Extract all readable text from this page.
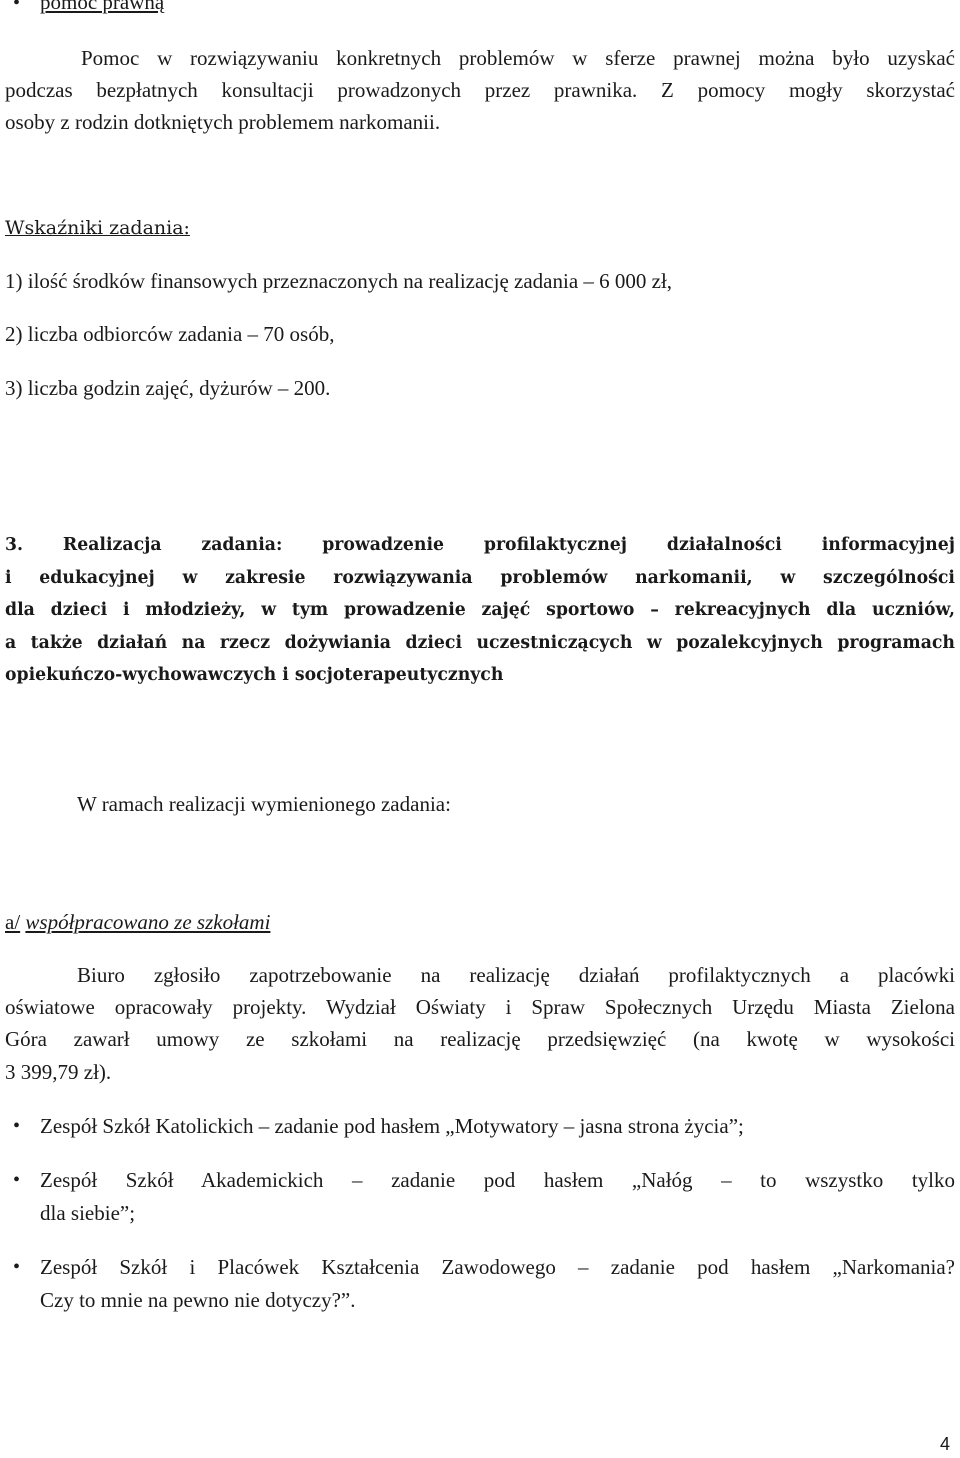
• pomoc prawną
Pomoc w rozwiązywaniu konkretnych problemów w sferze prawnej można było uzyskać
podczas bezpłatnych konsultacji prowadzonych przez prawnika. Z pomocy mogły skorzystać
osoby z rodzin dotkniętych problemem narkomanii.
Wskaźniki zadania:
1) ilość środków finansowych przeznaczonych na realizację zadania – 6 000 zł,
2) liczba odbiorców zadania – 70 osób,
3) liczba godzin zajęć, dyżurów – 200.
3. Realizacja zadania: prowadzenie profilaktycznej działalności informacyjnej
i edukacyjnej w zakresie rozwiązywania problemów narkomanii, w szczególności
dla dzieci i młodzieży, w tym prowadzenie zajęć sportowo – rekreacyjnych dla uczniów,
a także działań na rzecz dożywiania dzieci uczestniczących w pozalekcyjnych programach
opiekuńczo-wychowawczych i socjoterapeutycznych
W ramach realizacji wymienionego zadania:
a/ współpracowano ze szkołami
Biuro zgłosiło zapotrzebowanie na realizację działań profilaktycznych a placówki
oświatowe opracowały projekty. Wydział Oświaty i Spraw Społecznych Urzędu Miasta Zielona
Góra zawarł umowy ze szkołami na realizację przedsięwzięć (na kwotę w wysokości
3 399,79 zł).
• Zespół Szkół Katolickich – zadanie pod hasłem „Motywatory – jasna strona życia”;
• Zespół Szkół Akademickich – zadanie pod hasłem „Nałóg – to wszystko tylko
dla siebie”;
• Zespół Szkół i Placówek Kształcenia Zawodowego – zadanie pod hasłem „Narkomania?
Czy to mnie na pewno nie dotyczy?”.
4
